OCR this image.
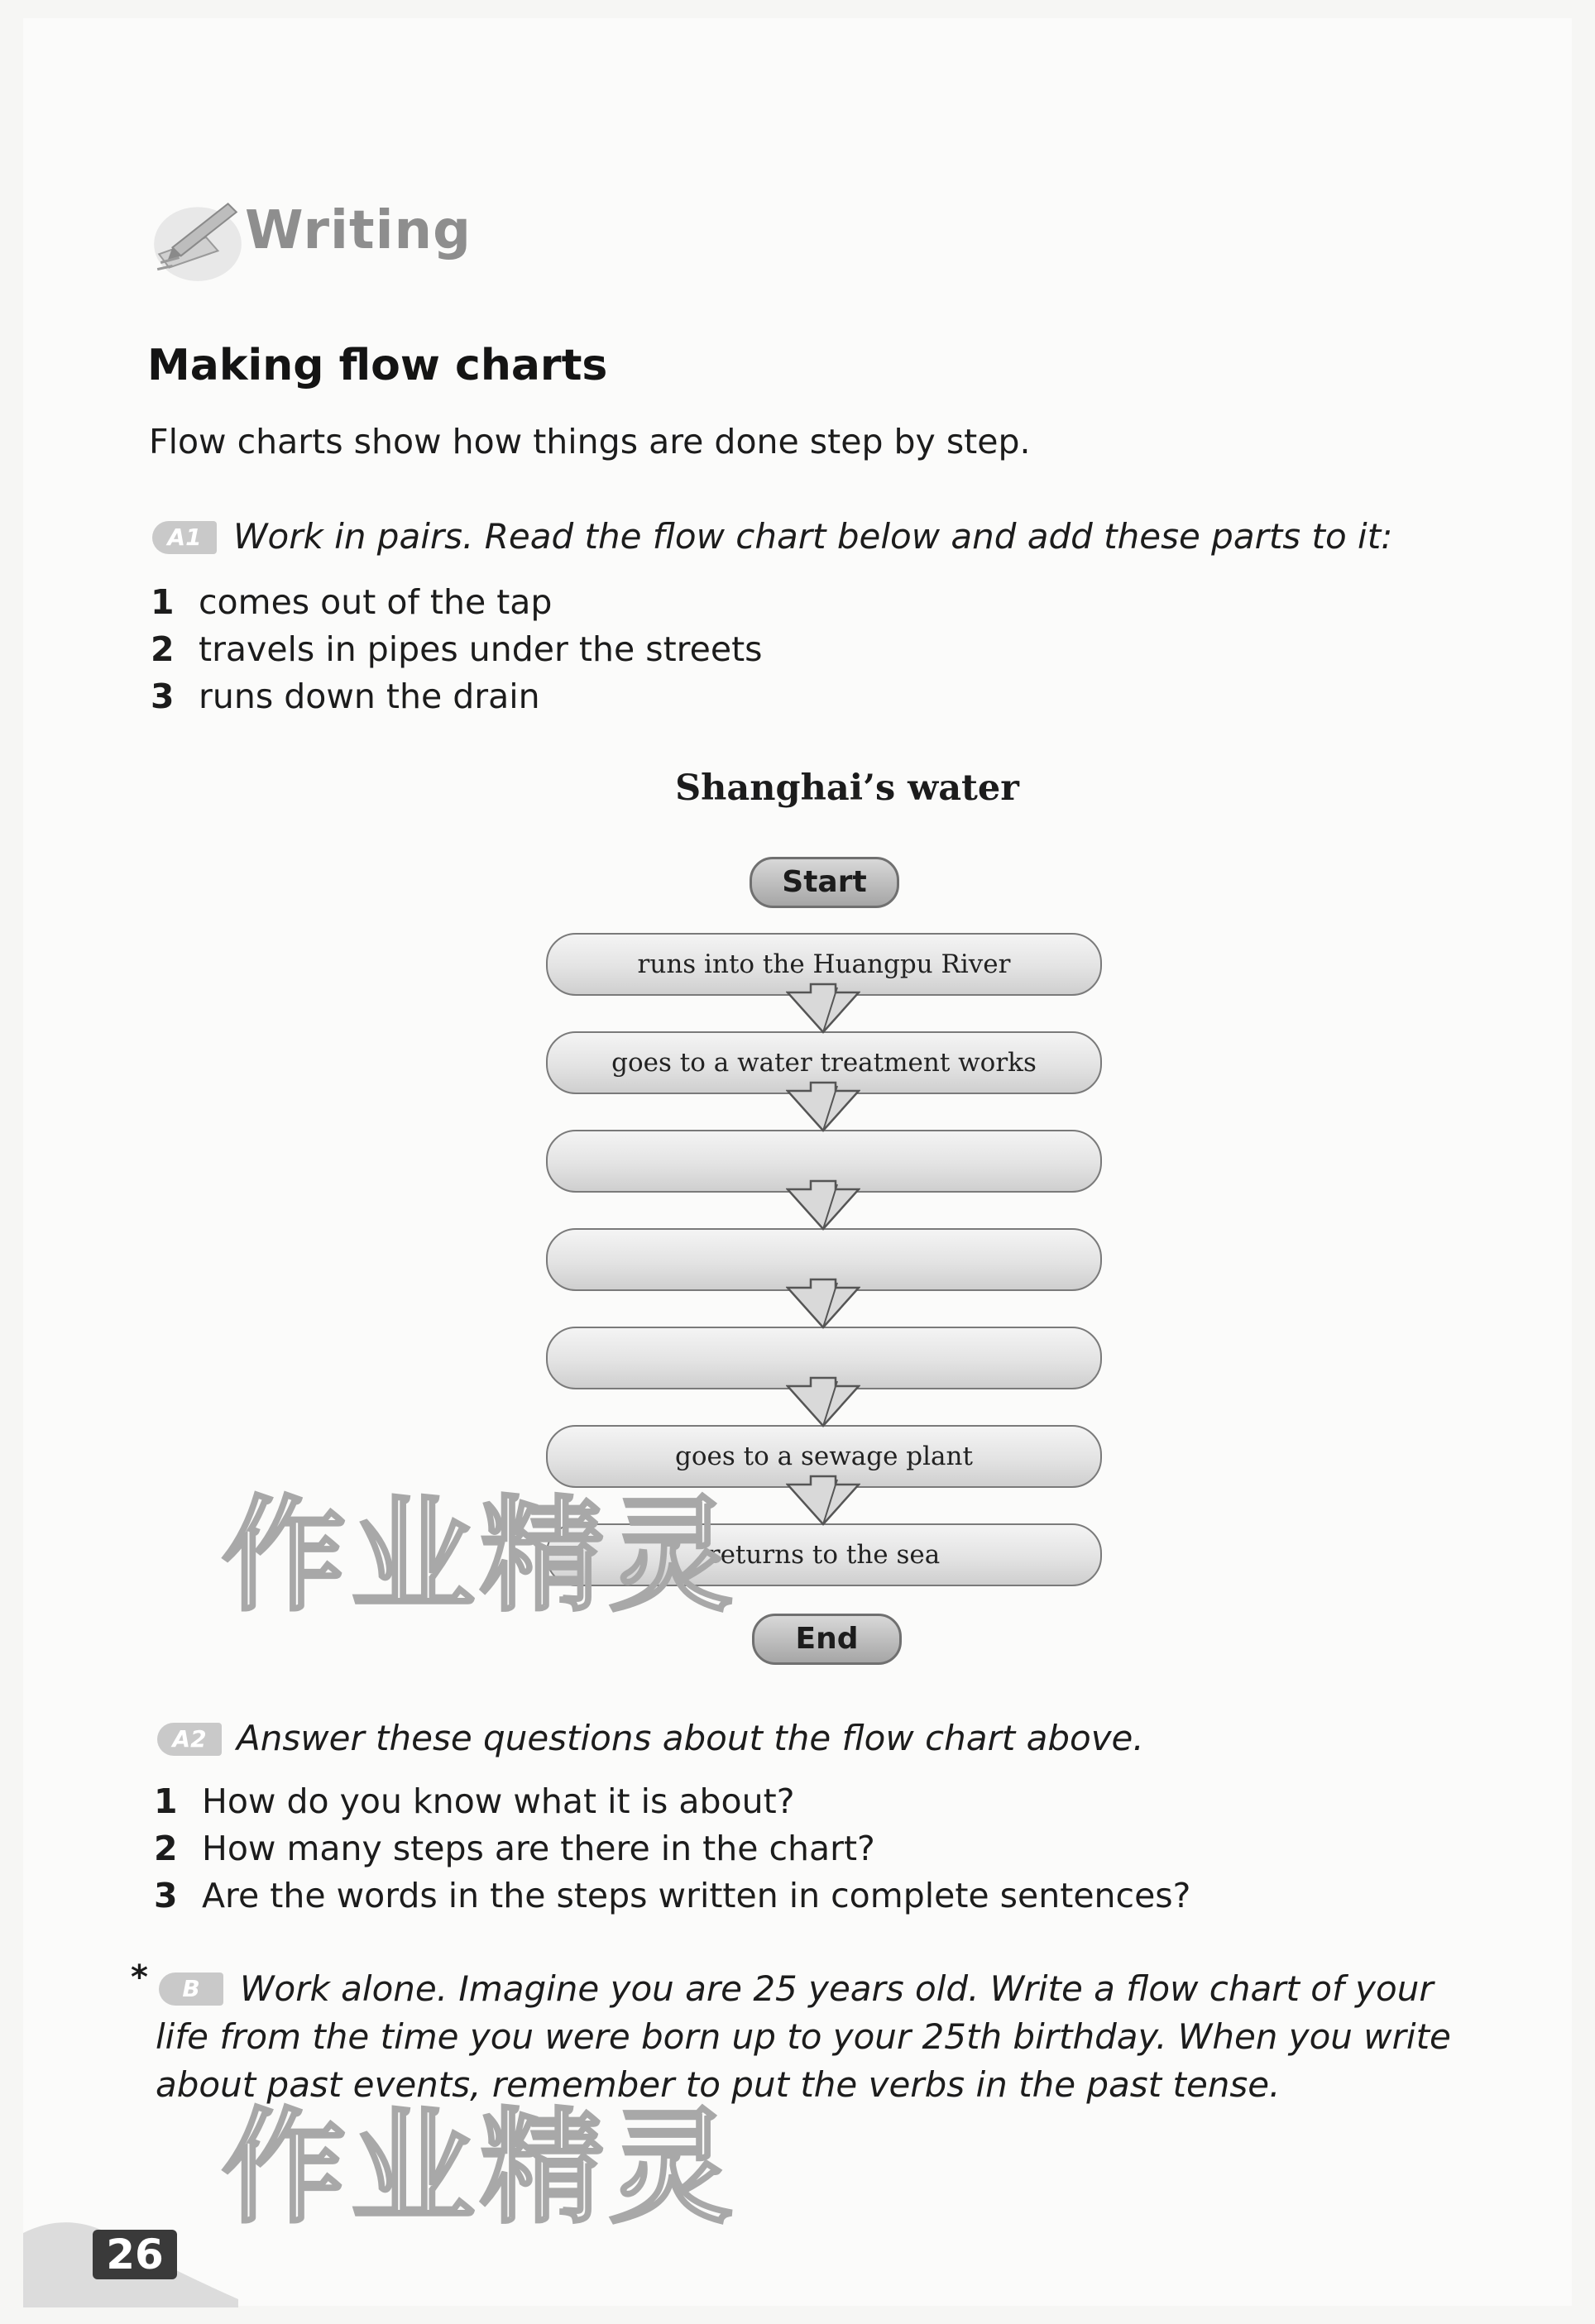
Writing
Making flow charts
Flow charts show how things are done step by step.
A1 Work in pairs. Read the flow chart below and add these parts to it:
1 comes out of the tap
2 travels in pipes under the streets
3 runs down the drain
Shanghai’s water
Start
runs into the Huangpu River
goes to a water treatment works
goes to a sewage plant
returns to the sea
End
A2 Answer these questions about the flow chart above.
1 How do you know what it is about?
2 How many steps are there in the chart?
3 Are the words in the steps written in complete sentences?
*	B	Work alone. Imagine you are 25 years old. Write a flow chart of your life from the time you were born up to your 25th birthday. When you write about past events, remember to put the verbs in the past tense.
作业精灵
作业精灵
26
